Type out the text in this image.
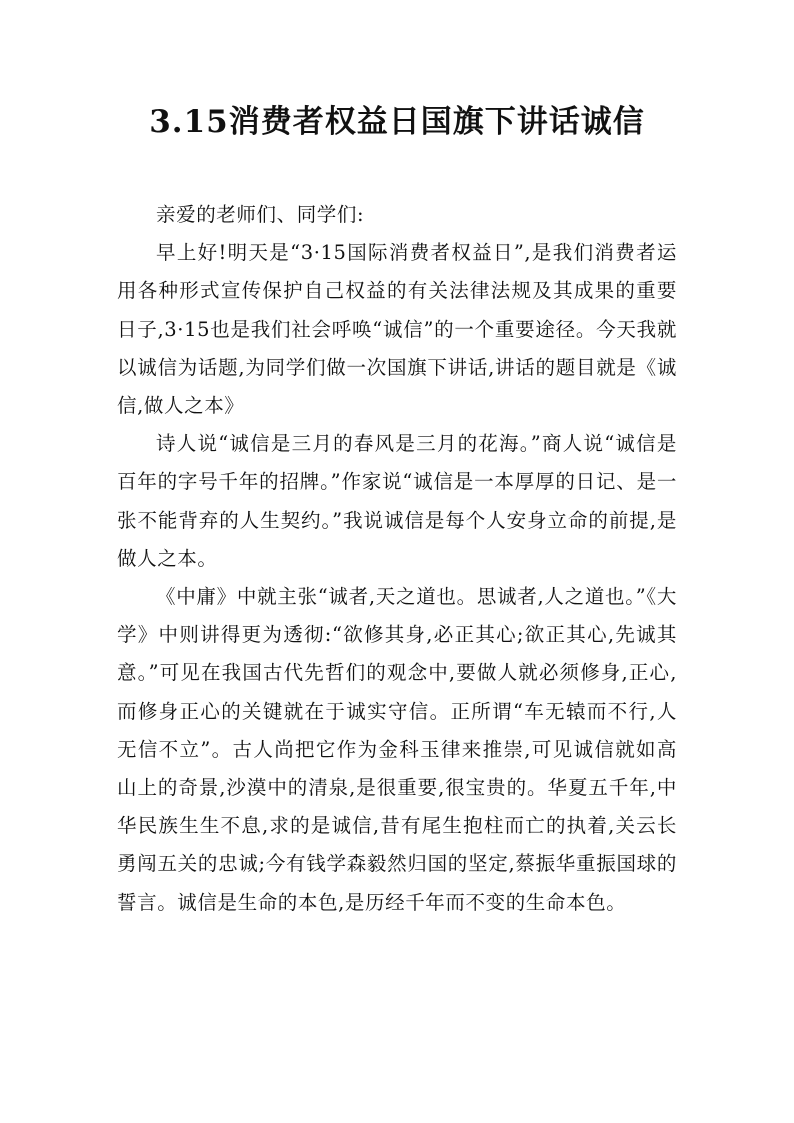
3.15消费者权益日国旗下讲话诚信

亲爱的老师们、同学们:

早上好!明天是“3·15国际消费者权益日”,是我们消费者运用各种形式宣传保护自己权益的有关法律法规及其成果的重要日子,3·15也是我们社会呼唤“诚信”的一个重要途径。今天我就以诚信为话题,为同学们做一次国旗下讲话,讲话的题目就是《诚信,做人之本》

诗人说“诚信是三月的春风是三月的花海。”商人说“诚信是百年的字号千年的招牌。”作家说“诚信是一本厚厚的日记、是一张不能背弃的人生契约。”我说诚信是每个人安身立命的前提,是做人之本。

《中庸》中就主张“诚者,天之道也。思诚者,人之道也。”《大学》中则讲得更为透彻:“欲修其身,必正其心;欲正其心,先诚其意。”可见在我国古代先哲们的观念中,要做人就必须修身,正心,而修身正心的关键就在于诚实守信。正所谓“车无辕而不行,人无信不立”。古人尚把它作为金科玉律来推崇,可见诚信就如高山上的奇景,沙漠中的清泉,是很重要,很宝贵的。华夏五千年,中华民族生生不息,求的是诚信,昔有尾生抱柱而亡的执着,关云长勇闯五关的忠诚;今有钱学森毅然归国的坚定,蔡振华重振国球的誓言。诚信是生命的本色,是历经千年而不变的生命本色。
